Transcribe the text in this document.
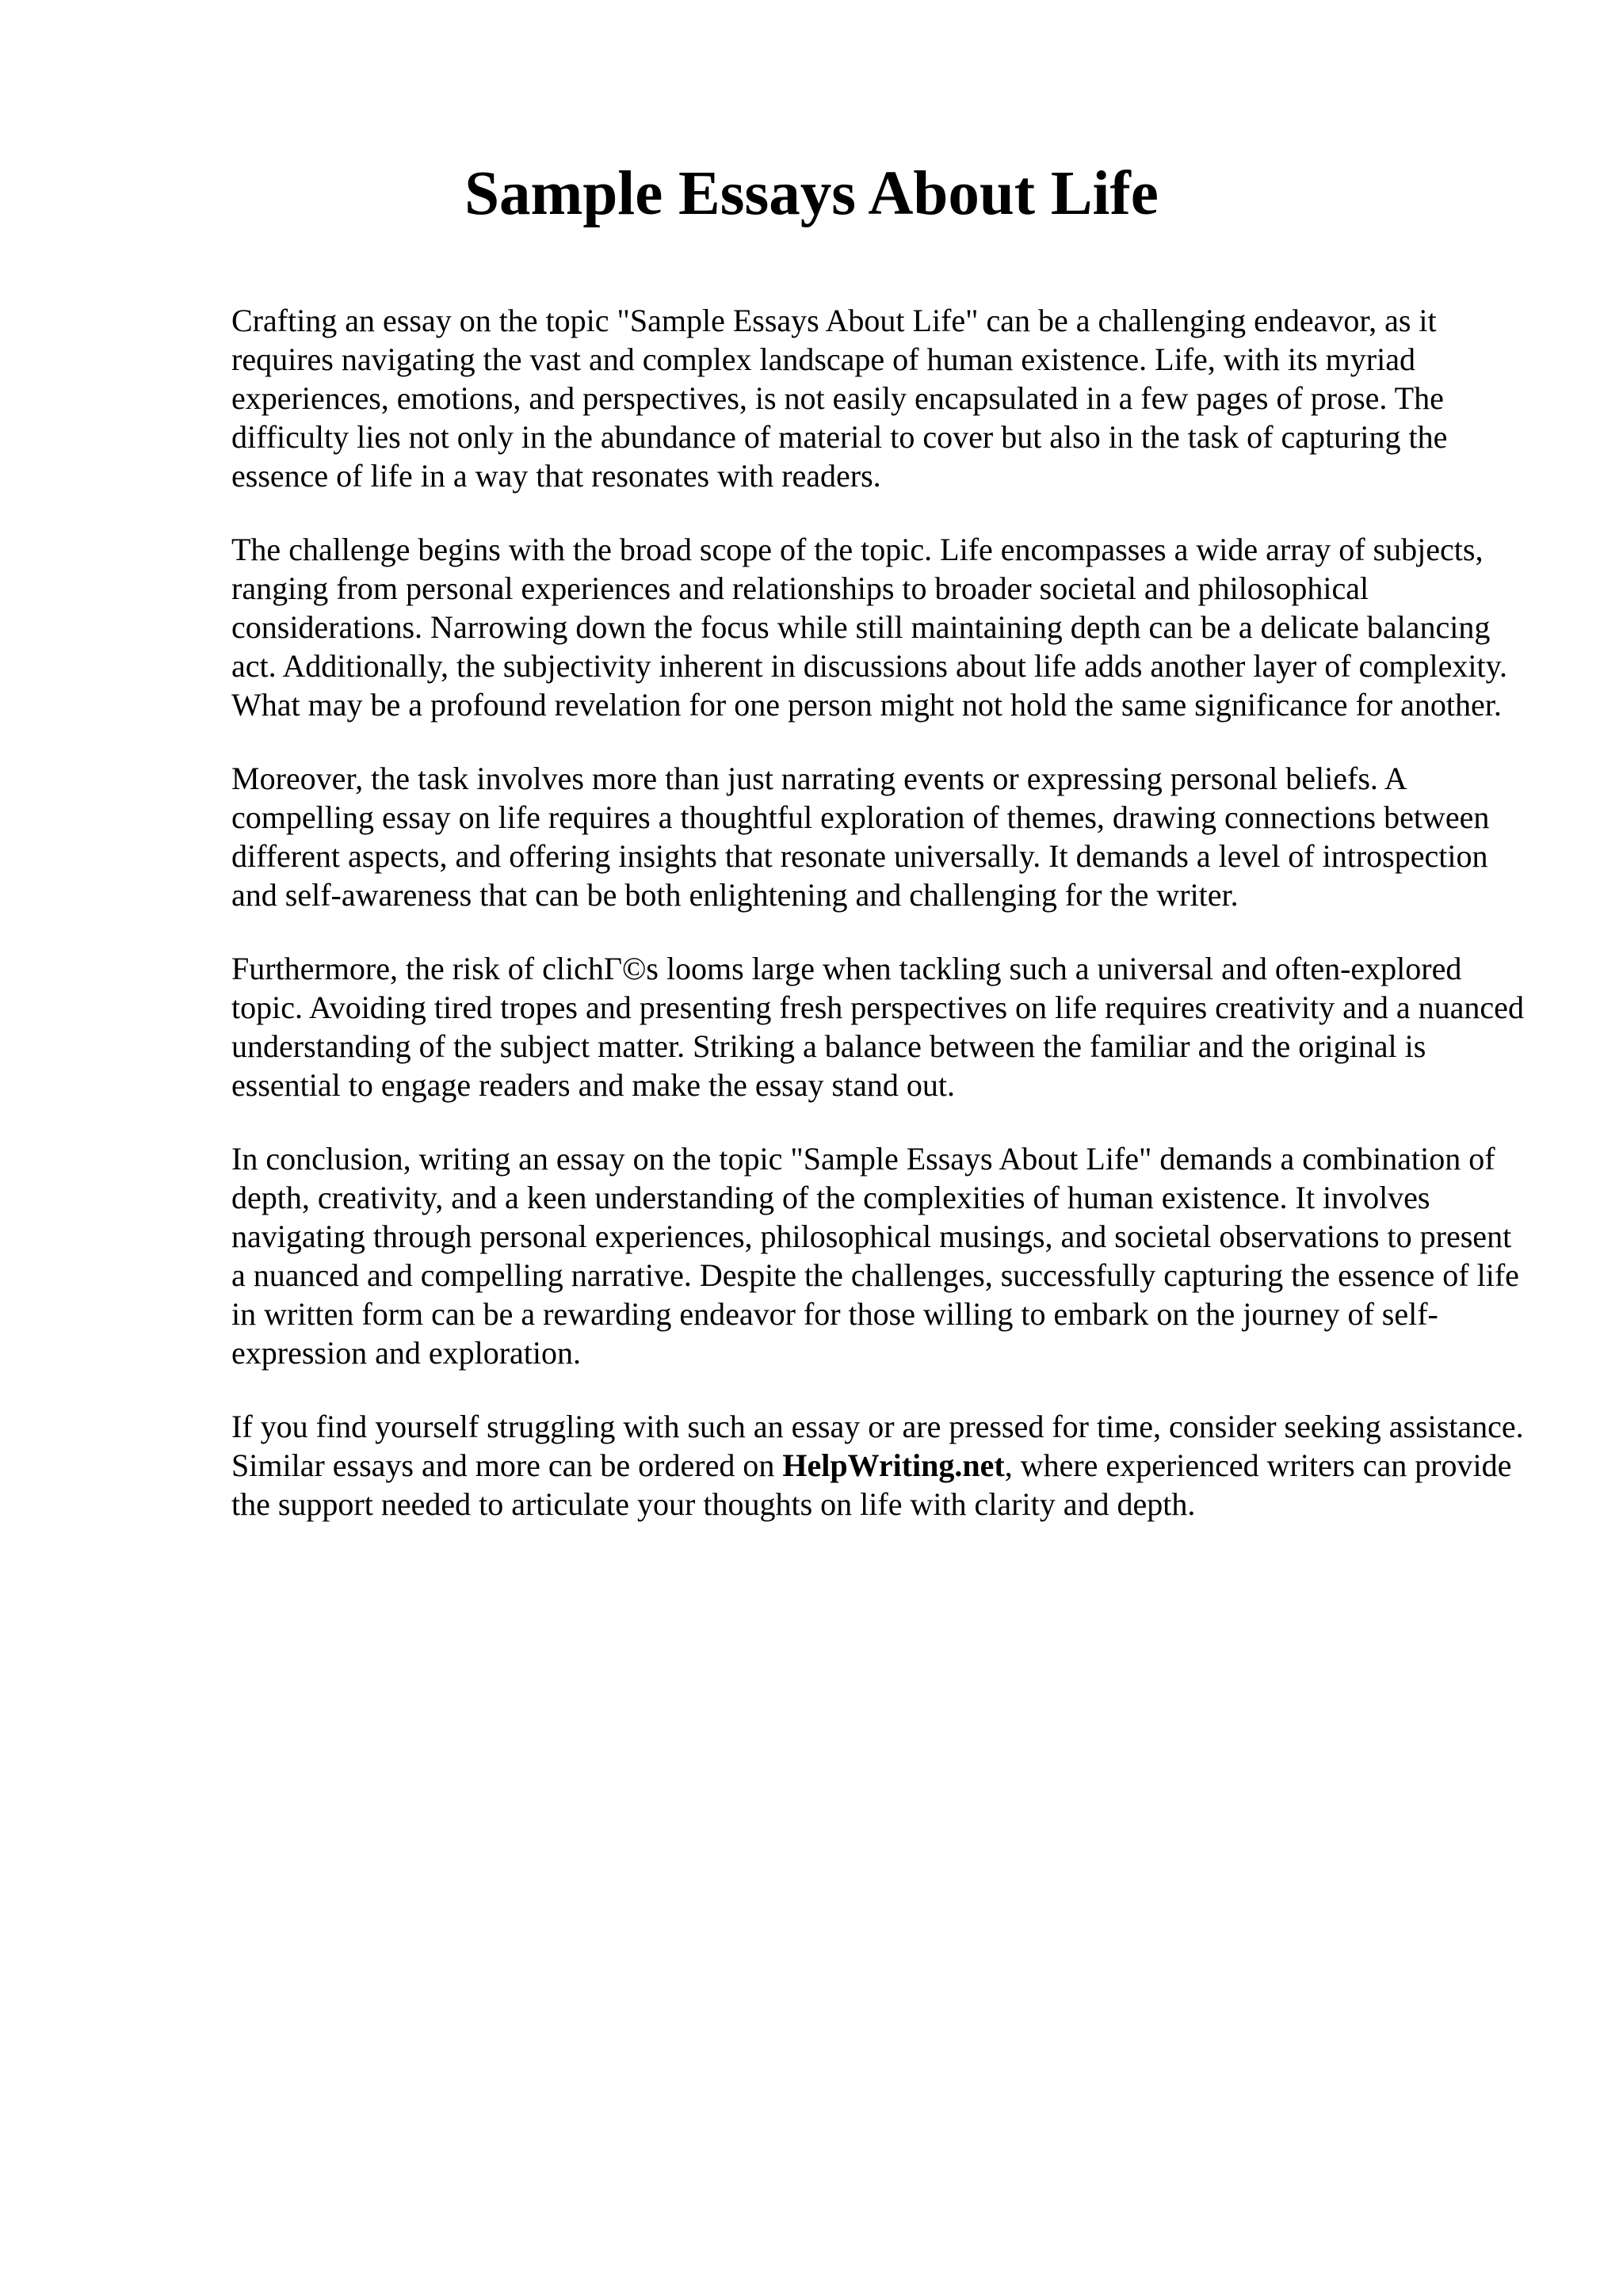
Sample Essays About Life

Crafting an essay on the topic "Sample Essays About Life" can be a challenging endeavor, as it requires navigating the vast and complex landscape of human existence. Life, with its myriad experiences, emotions, and perspectives, is not easily encapsulated in a few pages of prose. The difficulty lies not only in the abundance of material to cover but also in the task of capturing the essence of life in a way that resonates with readers.

The challenge begins with the broad scope of the topic. Life encompasses a wide array of subjects, ranging from personal experiences and relationships to broader societal and philosophical considerations. Narrowing down the focus while still maintaining depth can be a delicate balancing act. Additionally, the subjectivity inherent in discussions about life adds another layer of complexity. What may be a profound revelation for one person might not hold the same significance for another.

Moreover, the task involves more than just narrating events or expressing personal beliefs. A compelling essay on life requires a thoughtful exploration of themes, drawing connections between different aspects, and offering insights that resonate universally. It demands a level of introspection and self-awareness that can be both enlightening and challenging for the writer.

Furthermore, the risk of clichΓ©s looms large when tackling such a universal and often-explored topic. Avoiding tired tropes and presenting fresh perspectives on life requires creativity and a nuanced understanding of the subject matter. Striking a balance between the familiar and the original is essential to engage readers and make the essay stand out.

In conclusion, writing an essay on the topic "Sample Essays About Life" demands a combination of depth, creativity, and a keen understanding of the complexities of human existence. It involves navigating through personal experiences, philosophical musings, and societal observations to present a nuanced and compelling narrative. Despite the challenges, successfully capturing the essence of life in written form can be a rewarding endeavor for those willing to embark on the journey of self-expression and exploration.

If you find yourself struggling with such an essay or are pressed for time, consider seeking assistance. Similar essays and more can be ordered on HelpWriting.net, where experienced writers can provide the support needed to articulate your thoughts on life with clarity and depth.
